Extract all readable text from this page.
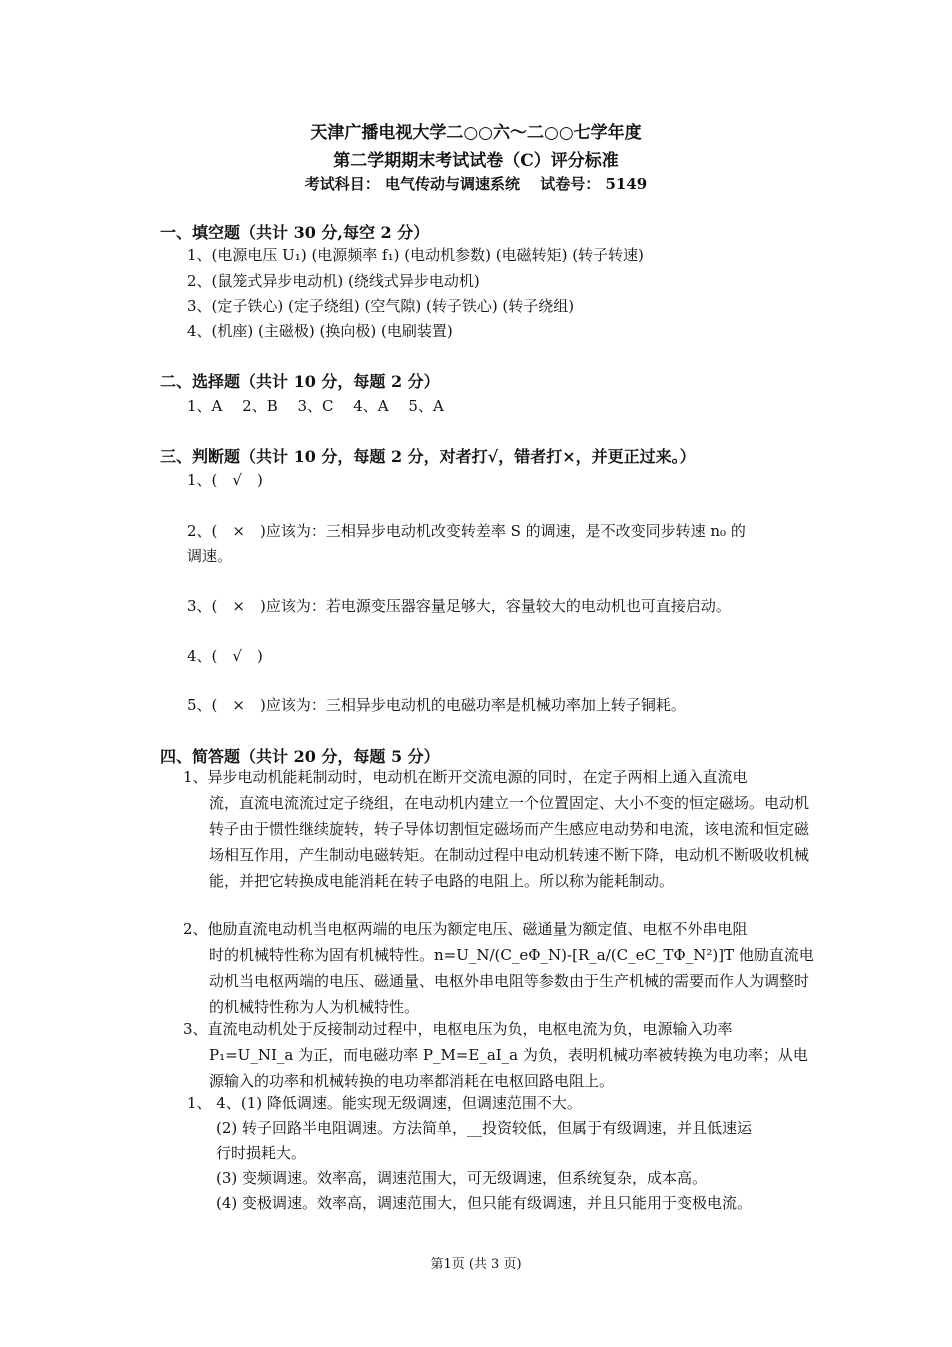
天津广播电视大学二○○六～二○○七学年度
第二学期期末考试试卷（C）评分标准
考试科目： 电气传动与调速系统　 试卷号： 5149
一、填空题（共计 30 分,每空 2 分）
1、(电源电压 U₁) (电源频率 f₁) (电动机参数) (电磁转矩) (转子转速)
2、(鼠笼式异步电动机) (绕线式异步电动机)
3、(定子铁心) (定子绕组) (空气隙) (转子铁心) (转子绕组)
4、(机座) (主磁极) (换向极) (电刷装置)
二、选择题（共计 10 分，每题 2 分）
1、A　 2、B　 3、C　 4、A　 5、A
三、判断题（共计 10 分，每题 2 分，对者打√，错者打×，并更正过来。）
1、(　√　)
2、(　×　)应该为：三相异步电动机改变转差率 S 的调速，是不改变同步转速 n₀ 的
调速。
3、(　×　)应该为：若电源变压器容量足够大，容量较大的电动机也可直接启动。
4、(　√　)
5、(　×　)应该为：三相异步电动机的电磁功率是机械功率加上转子铜耗。
四、简答题（共计 20 分，每题 5 分）
1、异步电动机能耗制动时，电动机在断开交流电源的同时，在定子两相上通入直流电
流，直流电流流过定子绕组，在电动机内建立一个位置固定、大小不变的恒定磁场。电动机转子由于惯性继续旋转，转子导体切割恒定磁场而产生感应电动势和电流，该电流和恒定磁场相互作用，产生制动电磁转矩。在制动过程中电动机转速不断下降，电动机不断吸收机械能，并把它转换成电能消耗在转子电路的电阻上。所以称为能耗制动。
2、他励直流电动机当电枢两端的电压为额定电压、磁通量为额定值、电枢不外串电阻
时的机械特性称为固有机械特性。n=U_N/(C_eΦ_N)-[R_a/(C_eC_TΦ_N²)]T 他励直流电动机当电枢两端的电压、磁通量、电枢外串电阻等参数由于生产机械的需要而作人为调整时的机械特性称为人为机械特性。
3、直流电动机处于反接制动过程中，电枢电压为负，电枢电流为负，电源输入功率
P₁=U_NI_a 为正，而电磁功率 P_M=E_aI_a 为负，表明机械功率被转换为电功率；从电源输入的功率和机械转换的电功率都消耗在电枢回路电阻上。
1、 4、(1) 降低调速。能实现无级调速，但调速范围不大。
(2) 转子回路半电阻调速。方法简单，__投资较低，但属于有级调速，并且低速运
行时损耗大。
(3) 变频调速。效率高，调速范围大，可无级调速，但系统复杂，成本高。
(4) 变极调速。效率高，调速范围大，但只能有级调速，并且只能用于变极电流。
第1页 (共 3 页)
